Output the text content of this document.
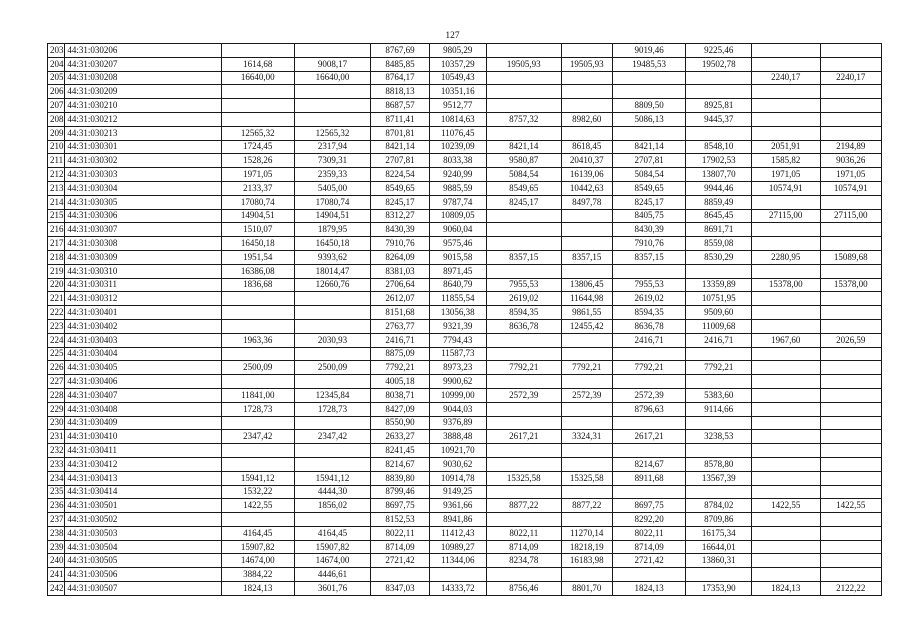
127
203	44:31:030206			8767,69	9805,29			9019,46	9225,46		
204	44:31:030207	1614,68	9008,17	8485,85	10357,29	19505,93	19505,93	19485,53	19502,78		
205	44:31:030208	16640,00	16640,00	8764,17	10549,43					2240,17	2240,17
206	44:31:030209			8818,13	10351,16						
207	44:31:030210			8687,57	9512,77			8809,50	8925,81		
208	44:31:030212			8711,41	10814,63	8757,32	8982,60	5086,13	9445,37		
209	44:31:030213	12565,32	12565,32	8701,81	11076,45						
210	44:31:030301	1724,45	2317,94	8421,14	10239,09	8421,14	8618,45	8421,14	8548,10	2051,91	2194,89
211	44:31:030302	1528,26	7309,31	2707,81	8033,38	9580,87	20410,37	2707,81	17902,53	1585,82	9036,26
212	44:31:030303	1971,05	2359,33	8224,54	9240,99	5084,54	16139,06	5084,54	13807,70	1971,05	1971,05
213	44:31:030304	2133,37	5405,00	8549,65	9885,59	8549,65	10442,63	8549,65	9944,46	10574,91	10574,91
214	44:31:030305	17080,74	17080,74	8245,17	9787,74	8245,17	8497,78	8245,17	8859,49		
215	44:31:030306	14904,51	14904,51	8312,27	10809,05			8405,75	8645,45	27115,00	27115,00
216	44:31:030307	1510,07	1879,95	8430,39	9060,04			8430,39	8691,71		
217	44:31:030308	16450,18	16450,18	7910,76	9575,46			7910,76	8559,08		
218	44:31:030309	1951,54	9393,62	8264,09	9015,58	8357,15	8357,15	8357,15	8530,29	2280,95	15089,68
219	44:31:030310	16386,08	18014,47	8381,03	8971,45						
220	44:31:030311	1836,68	12660,76	2706,64	8640,79	7955,53	13806,45	7955,53	13359,89	15378,00	15378,00
221	44:31:030312			2612,07	11855,54	2619,02	11644,98	2619,02	10751,95		
222	44:31:030401			8151,68	13056,38	8594,35	9861,55	8594,35	9509,60		
223	44:31:030402			2763,77	9321,39	8636,78	12455,42	8636,78	11009,68		
224	44:31:030403	1963,36	2030,93	2416,71	7794,43			2416,71	2416,71	1967,60	2026,59
225	44:31:030404			8875,09	11587,73						
226	44:31:030405	2500,09	2500,09	7792,21	8973,23	7792,21	7792,21	7792,21	7792,21		
227	44:31:030406			4005,18	9900,62						
228	44:31:030407	11841,00	12345,84	8038,71	10999,00	2572,39	2572,39	2572,39	5383,60		
229	44:31:030408	1728,73	1728,73	8427,09	9044,03			8796,63	9114,66		
230	44:31:030409			8550,90	9376,89						
231	44:31:030410	2347,42	2347,42	2633,27	3888,48	2617,21	3324,31	2617,21	3238,53		
232	44:31:030411			8241,45	10921,70						
233	44:31:030412			8214,67	9030,62			8214,67	8578,80		
234	44:31:030413	15941,12	15941,12	8839,80	10914,78	15325,58	15325,58	8911,68	13567,39		
235	44:31:030414	1532,22	4444,30	8799,46	9149,25						
236	44:31:030501	1422,55	1856,02	8697,75	9361,66	8877,22	8877,22	8697,75	8784,02	1422,55	1422,55
237	44:31:030502			8152,53	8941,86			8292,20	8709,86		
238	44:31:030503	4164,45	4164,45	8022,11	11412,43	8022,11	11270,14	8022,11	16175,34		
239	44:31:030504	15907,82	15907,82	8714,09	10989,27	8714,09	18218,19	8714,09	16644,01		
240	44:31:030505	14674,00	14674,00	2721,42	11344,06	8234,78	16183,98	2721,42	13860,31		
241	44:31:030506	3884,22	4446,61								
242	44:31:030507	1824,13	3601,76	8347,03	14333,72	8756,46	8801,70	1824,13	17353,90	1824,13	2122,22
